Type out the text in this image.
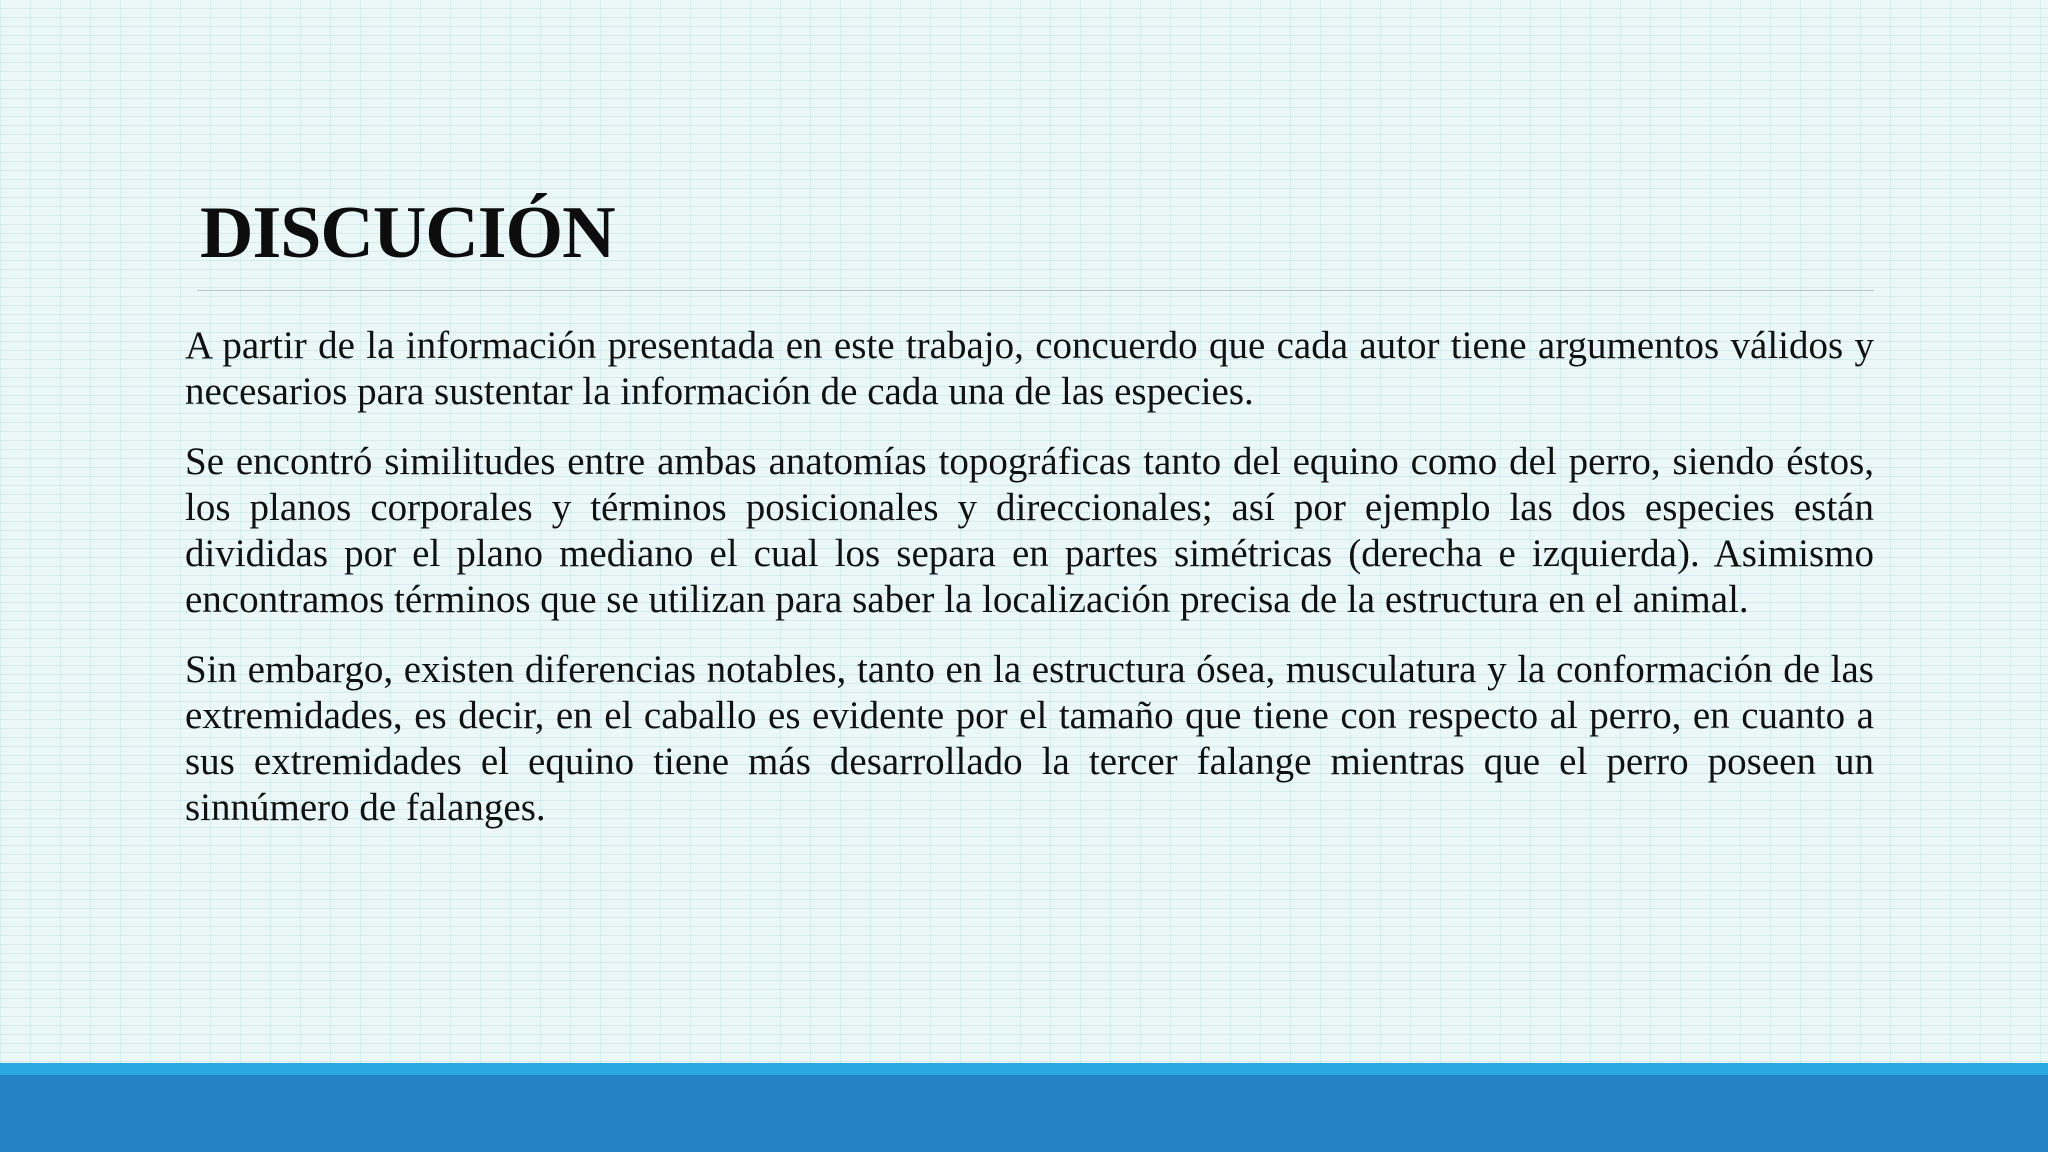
DISCUCIÓN

A partir de la información presentada en este trabajo, concuerdo que cada autor tiene argumentos válidos y necesarios para sustentar la información de cada una de las especies.

Se encontró similitudes entre ambas anatomías topográficas tanto del equino como del perro, siendo éstos, los planos corporales y términos posicionales y direccionales; así por ejemplo las dos especies están divididas por el plano mediano el cual los separa en partes simétricas (derecha e izquierda). Asimismo encontramos términos que se utilizan para saber la localización precisa de la estructura en el animal.

Sin embargo, existen diferencias notables, tanto en la estructura ósea, musculatura y la conformación de las extremidades, es decir, en el caballo es evidente por el tamaño que tiene con respecto al perro, en cuanto a sus extremidades el equino tiene más desarrollado la tercer falange mientras que el perro poseen un sinnúmero de falanges.
